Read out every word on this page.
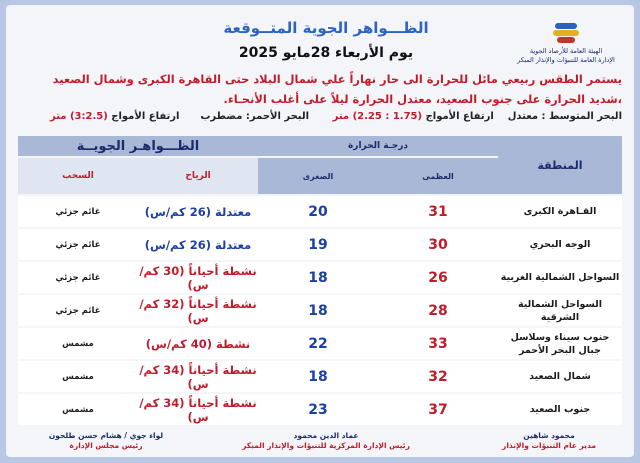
الهيئة العامة للأرصاد الجوية
الإدارة العامة للتنبؤات والإنذار المبكر
الظـــواهر الجوية المتــوقعة
يوم الأربعاء 28مايو 2025
يستمر الطقس ربيعي مائل للحرارة الى حار نهاراً علي شمال البلاد حتى القاهرة الكبرى وشمال الصعيد ،شديد الحرارة على جنوب الصعيد، معتدل الحرارة ليلاً على أغلب الأنحـاء.
البحر المتوسط : معتدل    ارتفاع الأمواج (1.75 : 2.25) متر
البحر الأحمر: مضطرب      ارتفاع الأمواج (3:2.5) متر
المنطقة	درجـة الحرارة		الظـــواهـر الجويــة	
	العظمى	الصغرى	الرياح	السحب

القـاهرة الكبرى	31	20	معتدلة (26 كم/س)	غائم جزئي
الوجه البحري	30	19	معتدلة (26 كم/س)	غائم جزئي
السواحل الشمالية الغربية	26	18	نشطة أحياناً (30 كم/س)	غائم جزئي
السواحل الشمالية الشرقية	28	18	نشطة أحياناً (32 كم/س)	غائم جزئي
جنوب سيناء وسلاسل جبال البحر الأحمر	33	22	نشطة (40 كم/س)	مشمس
شمال الصعيد	32	18	نشطة أحياناً (34 كم/س)	مشمس
جنوب الصعيد	37	23	نشطة أحياناً (34 كم/س)	مشمس
محمود شاهين
مدير عام التنبؤات والإنذار
عماد الدين محمود
رئيس الإدارة المركزية للتنبؤات والإنذار المبكر
لواء جوي / هشام حسن طلحون
رئيس مجلس الإدارة
